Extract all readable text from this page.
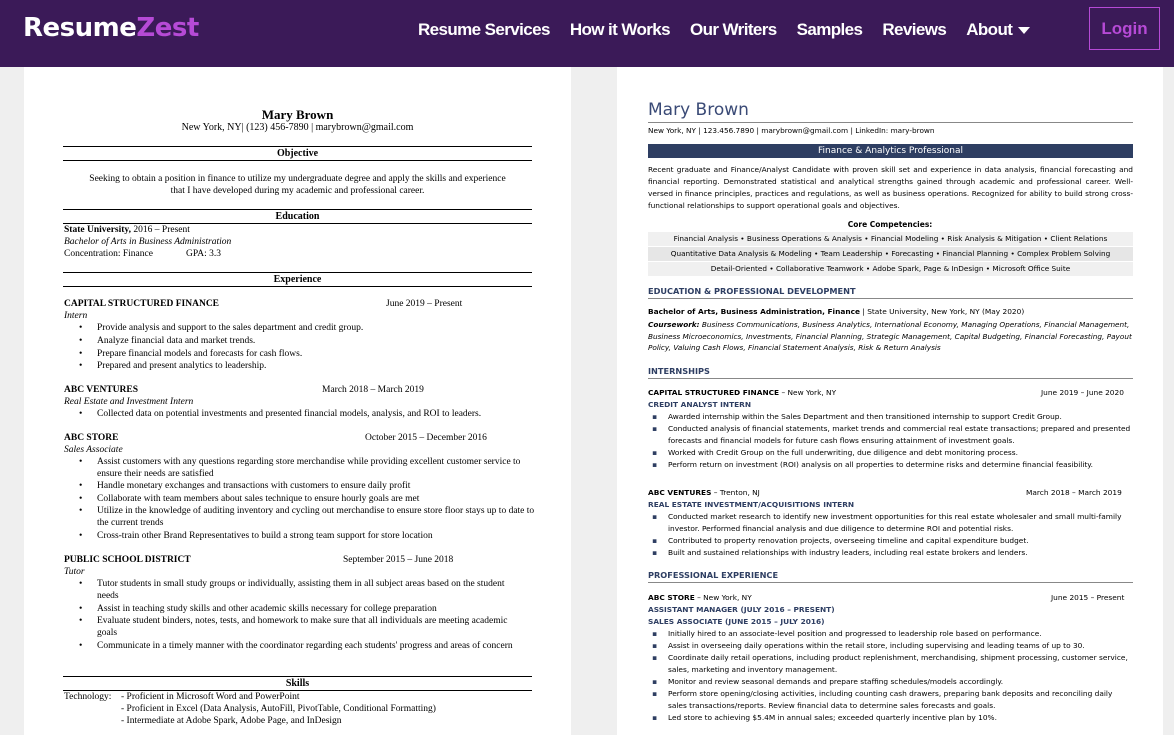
ResumeZest	Resume Services How it Works Our Writers Samples Reviews About	Login
Mary Brown
New York, NY| (123) 456-7890 | marybrown@gmail.com
Objective
Seeking to obtain a position in finance to utilize my undergraduate degree and apply the skills and experience
that I have developed during my academic and professional career.
Education
State University, 2016 – Present
Bachelor of Arts in Business Administration
Concentration: Finance	GPA: 3.3
Experience
CAPITAL STRUCTURED FINANCE	June 2019 – Present
Intern
• Provide analysis and support to the sales department and credit group.
• Analyze financial data and market trends.
• Prepare financial models and forecasts for cash flows.
• Prepared and present analytics to leadership.
ABC VENTURES	March 2018 – March 2019
Real Estate and Investment Intern
• Collected data on potential investments and presented financial models, analysis, and ROI to leaders.
ABC STORE	October 2015 – December 2016
Sales Associate
• Assist customers with any questions regarding store merchandise while providing excellent customer service to ensure their needs are satisfied
• Handle monetary exchanges and transactions with customers to ensure daily profit
• Collaborate with team members about sales technique to ensure hourly goals are met
• Utilize in the knowledge of auditing inventory and cycling out merchandise to ensure store floor stays up to date to the current trends
• Cross-train other Brand Representatives to build a strong team support for store location
PUBLIC SCHOOL DISTRICT	September 2015 – June 2018
Tutor
• Tutor students in small study groups or individually, assisting them in all subject areas based on the student needs
• Assist in teaching study skills and other academic skills necessary for college preparation
• Evaluate student binders, notes, tests, and homework to make sure that all individuals are meeting academic goals
• Communicate in a timely manner with the coordinator regarding each students' progress and areas of concern
Skills
Technology: - Proficient in Microsoft Word and PowerPoint
- Proficient in Excel (Data Analysis, AutoFill, PivotTable, Conditional Formatting)
- Intermediate at Adobe Spark, Adobe Page, and InDesign
Mary Brown
New York, NY | 123.456.7890 | marybrown@gmail.com | LinkedIn: mary-brown
Finance & Analytics Professional
Recent graduate and Finance/Analyst Candidate with proven skill set and experience in data analysis, financial forecasting and financial reporting. Demonstrated statistical and analytical strengths gained through academic and professional career. Well-versed in finance principles, practices and regulations, as well as business operations. Recognized for ability to build strong cross-functional relationships to support operational goals and objectives.
Core Competencies:
Financial Analysis • Business Operations & Analysis • Financial Modeling • Risk Analysis & Mitigation • Client Relations
Quantitative Data Analysis & Modeling • Team Leadership • Forecasting • Financial Planning • Complex Problem Solving
Detail-Oriented • Collaborative Teamwork • Adobe Spark, Page & InDesign • Microsoft Office Suite
EDUCATION & PROFESSIONAL DEVELOPMENT
Bachelor of Arts, Business Administration, Finance | State University, New York, NY (May 2020)
Coursework: Business Communications, Business Analytics, International Economy, Managing Operations, Financial Management, Business Microeconomics, Investments, Financial Planning, Strategic Management, Capital Budgeting, Financial Forecasting, Payout Policy, Valuing Cash Flows, Financial Statement Analysis, Risk & Return Analysis
INTERNSHIPS
CAPITAL STRUCTURED FINANCE – New York, NY	June 2019 – June 2020
CREDIT ANALYST INTERN
▪ Awarded internship within the Sales Department and then transitioned internship to support Credit Group.
▪ Conducted analysis of financial statements, market trends and commercial real estate transactions; prepared and presented forecasts and financial models for future cash flows ensuring attainment of investment goals.
▪ Worked with Credit Group on the full underwriting, due diligence and debt monitoring process.
▪ Perform return on investment (ROI) analysis on all properties to determine risks and determine financial feasibility.
ABC VENTURES – Trenton, NJ	March 2018 – March 2019
REAL ESTATE INVESTMENT/ACQUISITIONS INTERN
▪ Conducted market research to identify new investment opportunities for this real estate wholesaler and small multi-family investor. Performed financial analysis and due diligence to determine ROI and potential risks.
▪ Contributed to property renovation projects, overseeing timeline and capital expenditure budget.
▪ Built and sustained relationships with industry leaders, including real estate brokers and lenders.
PROFESSIONAL EXPERIENCE
ABC STORE – New York, NY	June 2015 – Present
ASSISTANT MANAGER (JULY 2016 – PRESENT)
SALES ASSOCIATE (JUNE 2015 – JULY 2016)
▪ Initially hired to an associate-level position and progressed to leadership role based on performance.
▪ Assist in overseeing daily operations within the retail store, including supervising and leading teams of up to 30.
▪ Coordinate daily retail operations, including product replenishment, merchandising, shipment processing, customer service, sales, marketing and inventory management.
▪ Monitor and review seasonal demands and prepare staffing schedules/models accordingly.
▪ Perform store opening/closing activities, including counting cash drawers, preparing bank deposits and reconciling daily sales transactions/reports. Review financial data to determine sales forecasts and goals.
▪ Led store to achieving $5.4M in annual sales; exceeded quarterly incentive plan by 10%.
